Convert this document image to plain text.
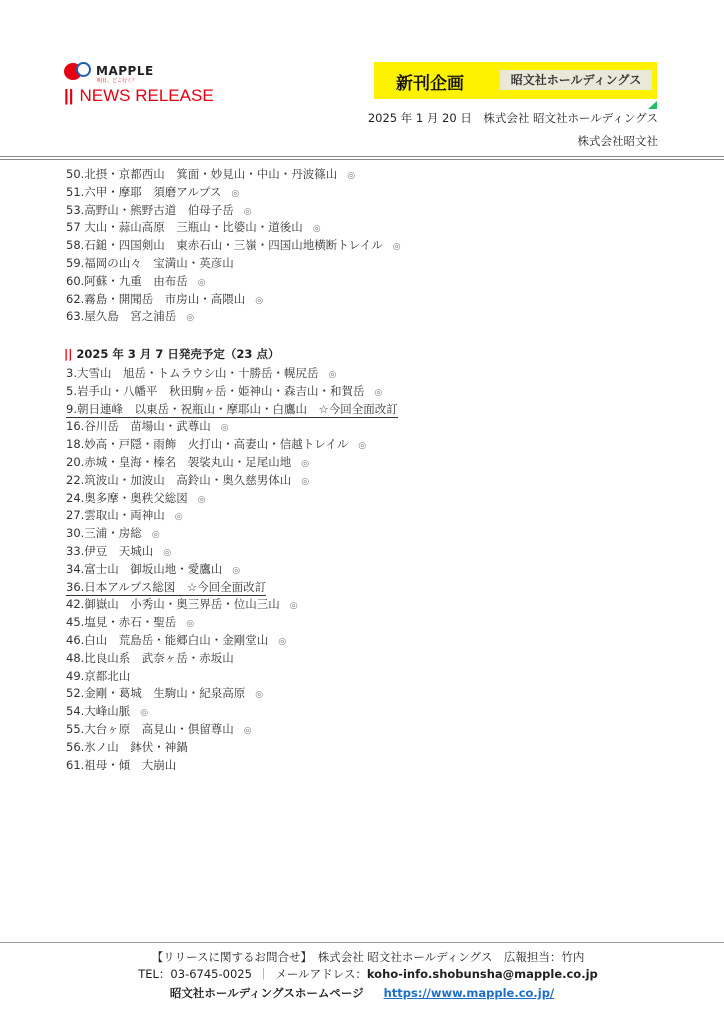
MAPPLE
明日、どこ行く？
|| NEWS RELEASE
新刊企画	昭文社ホールディングス
2025 年 1 月 20 日　株式会社 昭文社ホールディングス
株式会社昭文社
50.北摂・京都西山　箕面・妙見山・中山・丹波篠山 ◎
51.六甲・摩耶　須磨アルプス ◎
53.高野山・熊野古道　伯母子岳 ◎
57 大山・蒜山高原　三瓶山・比婆山・道後山 ◎
58.石鎚・四国剣山　東赤石山・三嶺・四国山地横断トレイル ◎
59.福岡の山々　宝満山・英彦山
60.阿蘇・九重　由布岳 ◎
62.霧島・開聞岳　市房山・高隈山 ◎
63.屋久島　宮之浦岳 ◎
|| 2025 年 3 月 7 日発売予定（23 点）
3.大雪山　旭岳・トムラウシ山・十勝岳・幌尻岳 ◎
5.岩手山・八幡平　秋田駒ヶ岳・姫神山・森吉山・和賀岳 ◎
9.朝日連峰　以東岳・祝瓶山・摩耶山・白鷹山　☆今回全面改訂
16.谷川岳　苗場山・武尊山 ◎
18.妙高・戸隠・雨飾　火打山・高妻山・信越トレイル ◎
20.赤城・皇海・榛名　袈裟丸山・足尾山地 ◎
22.筑波山・加波山　高鈴山・奥久慈男体山 ◎
24.奥多摩・奥秩父総図 ◎
27.雲取山・両神山 ◎
30.三浦・房総 ◎
33.伊豆　天城山 ◎
34.富士山　御坂山地・愛鷹山 ◎
36.日本アルプス総図　☆今回全面改訂
42.御嶽山　小秀山・奥三界岳・位山三山 ◎
45.塩見・赤石・聖岳 ◎
46.白山　荒島岳・能郷白山・金剛堂山 ◎
48.比良山系　武奈ヶ岳・赤坂山
49.京都北山
52.金剛・葛城　生駒山・紀泉高原 ◎
54.大峰山脈 ◎
55.大台ヶ原　高見山・倶留尊山 ◎
56.氷ノ山　鉢伏・神鍋
61.祖母・傾　大崩山
【リリースに関するお問合せ】　株式会社 昭文社ホールディングス　広報担当：竹内
TEL：03-6745-0025 ｜ メールアドレス：koho-info.shobunsha@mapple.co.jp
昭文社ホールディングスホームページ https://www.mapple.co.jp/
